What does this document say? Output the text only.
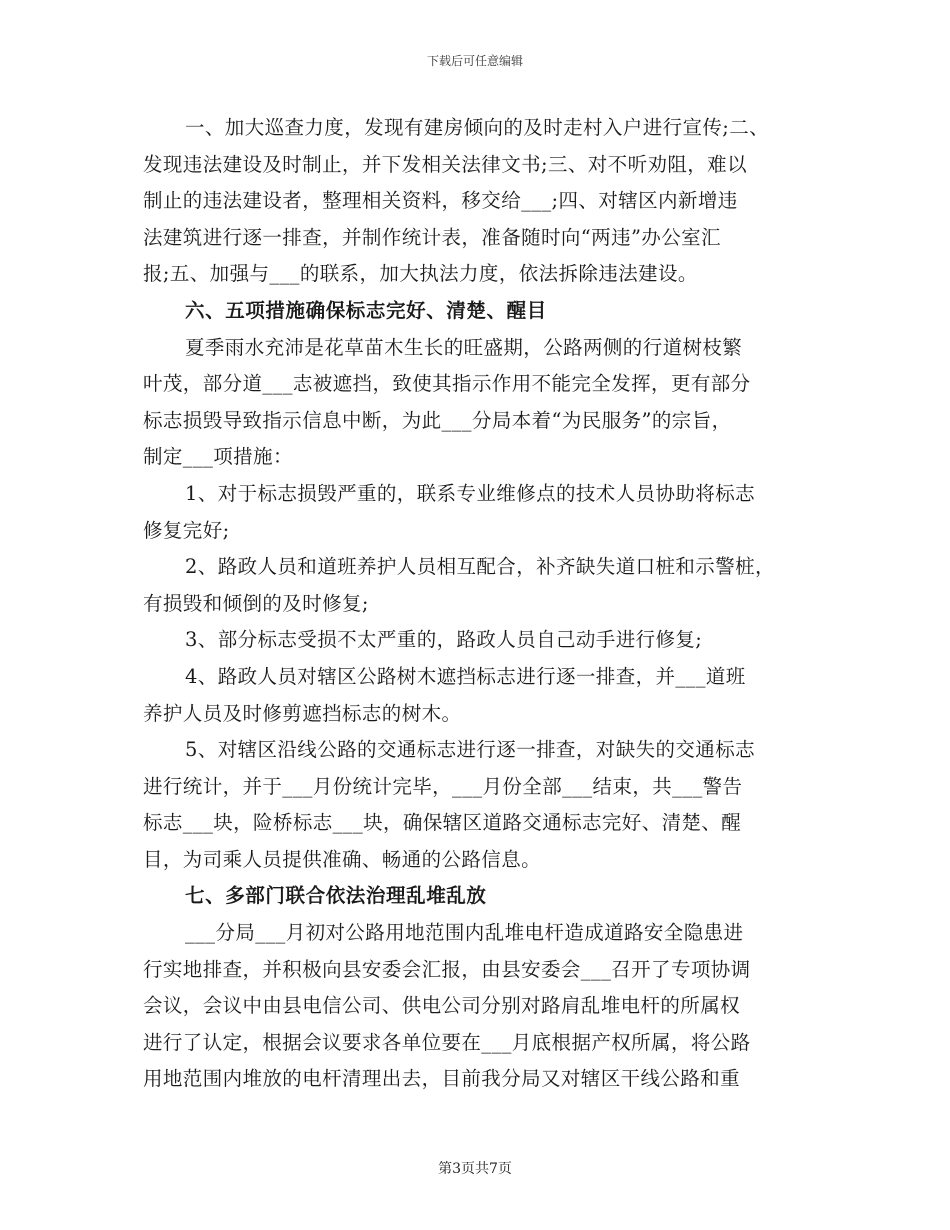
下载后可任意编辑
一、加大巡查力度，发现有建房倾向的及时走村入户进行宣传;二、
发现违法建设及时制止，并下发相关法律文书;三、对不听劝阻，难以
制止的违法建设者，整理相关资料，移交给___;四、对辖区内新增违
法建筑进行逐一排查，并制作统计表，准备随时向“两违”办公室汇
报;五、加强与___的联系，加大执法力度，依法拆除违法建设。
六、五项措施确保标志完好、清楚、醒目
夏季雨水充沛是花草苗木生长的旺盛期，公路两侧的行道树枝繁
叶茂，部分道___志被遮挡，致使其指示作用不能完全发挥，更有部分
标志损毁导致指示信息中断，为此___分局本着“为民服务”的宗旨，
制定___项措施：
1、对于标志损毁严重的，联系专业维修点的技术人员协助将标志
修复完好;
2、路政人员和道班养护人员相互配合，补齐缺失道口桩和示警桩，
有损毁和倾倒的及时修复;
3、部分标志受损不太严重的，路政人员自己动手进行修复;
4、路政人员对辖区公路树木遮挡标志进行逐一排查，并___道班
养护人员及时修剪遮挡标志的树木。
5、对辖区沿线公路的交通标志进行逐一排查，对缺失的交通标志
进行统计，并于___月份统计完毕，___月份全部___结束，共___警告
标志___块，险桥标志___块，确保辖区道路交通标志完好、清楚、醒
目，为司乘人员提供准确、畅通的公路信息。
七、多部门联合依法治理乱堆乱放
___分局___月初对公路用地范围内乱堆电杆造成道路安全隐患进
行实地排查，并积极向县安委会汇报，由县安委会___召开了专项协调
会议，会议中由县电信公司、供电公司分别对路肩乱堆电杆的所属权
进行了认定，根据会议要求各单位要在___月底根据产权所属，将公路
用地范围内堆放的电杆清理出去，目前我分局又对辖区干线公路和重
第3页共7页
